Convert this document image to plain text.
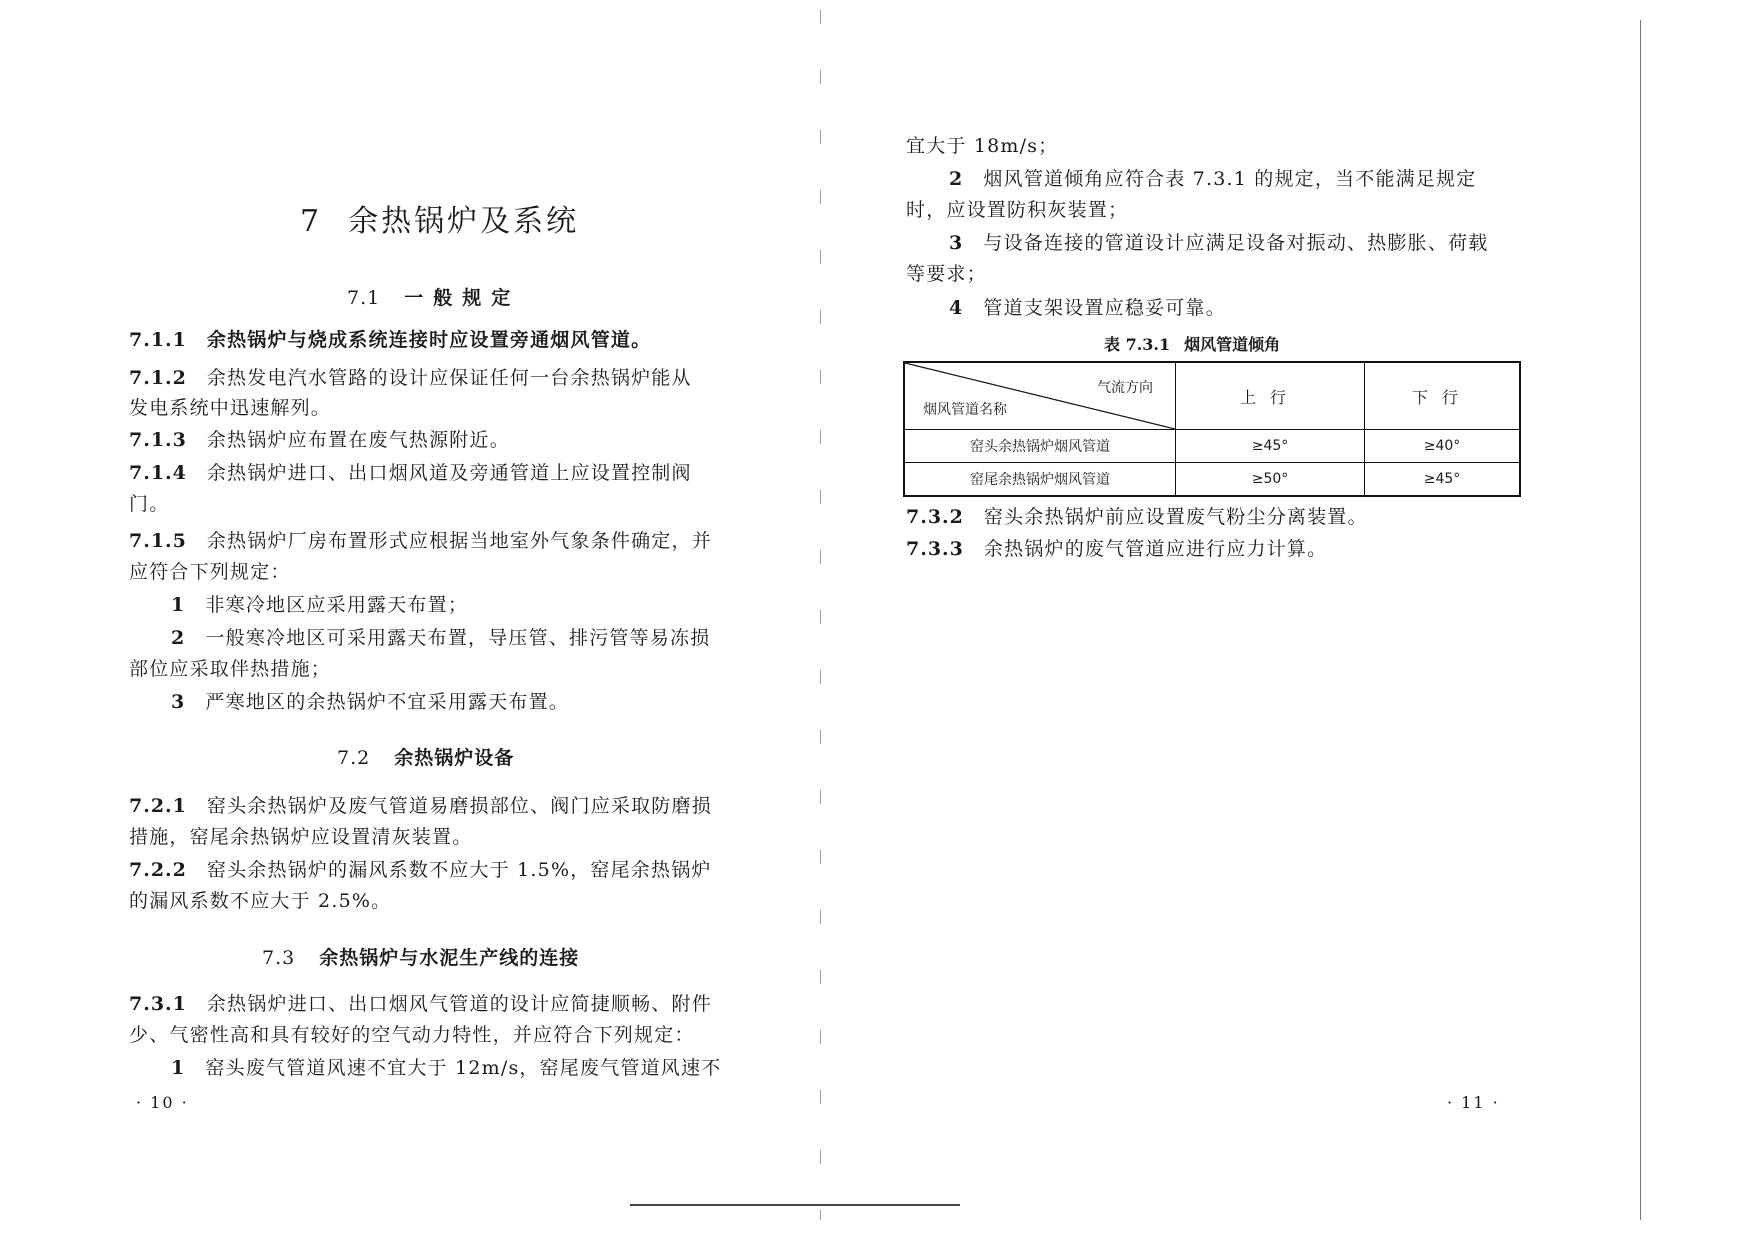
7 余热锅炉及系统
7.1 一般规定
7.1.1 余热锅炉与烧成系统连接时应设置旁通烟风管道。
7.1.2 余热发电汽水管路的设计应保证任何一台余热锅炉能从
发电系统中迅速解列。
7.1.3 余热锅炉应布置在废气热源附近。
7.1.4 余热锅炉进口、出口烟风道及旁通管道上应设置控制阀
门。
7.1.5 余热锅炉厂房布置形式应根据当地室外气象条件确定，并
应符合下列规定：
1 非寒冷地区应采用露天布置；
2 一般寒冷地区可采用露天布置，导压管、排污管等易冻损
部位应采取伴热措施；
3 严寒地区的余热锅炉不宜采用露天布置。
7.2 余热锅炉设备
7.2.1 窑头余热锅炉及废气管道易磨损部位、阀门应采取防磨损
措施，窑尾余热锅炉应设置清灰装置。
7.2.2 窑头余热锅炉的漏风系数不应大于 1.5%，窑尾余热锅炉
的漏风系数不应大于 2.5%。
7.3 余热锅炉与水泥生产线的连接
7.3.1 余热锅炉进口、出口烟风气管道的设计应简捷顺畅、附件
少、气密性高和具有较好的空气动力特性，并应符合下列规定：
1 窑头废气管道风速不宜大于 12m/s，窑尾废气管道风速不
· 10 ·
宜大于 18m/s；
2 烟风管道倾角应符合表 7.3.1 的规定，当不能满足规定
时，应设置防积灰装置；
3 与设备连接的管道设计应满足设备对振动、热膨胀、荷载
等要求；
4 管道支架设置应稳妥可靠。
表 7.3.1 烟风管道倾角
气流方向
烟风管道名称	上行	下行
窑头余热锅炉烟风管道	≥45°	≥40°
窑尾余热锅炉烟风管道	≥50°	≥45°
7.3.2 窑头余热锅炉前应设置废气粉尘分离装置。
7.3.3 余热锅炉的废气管道应进行应力计算。
· 11 ·
